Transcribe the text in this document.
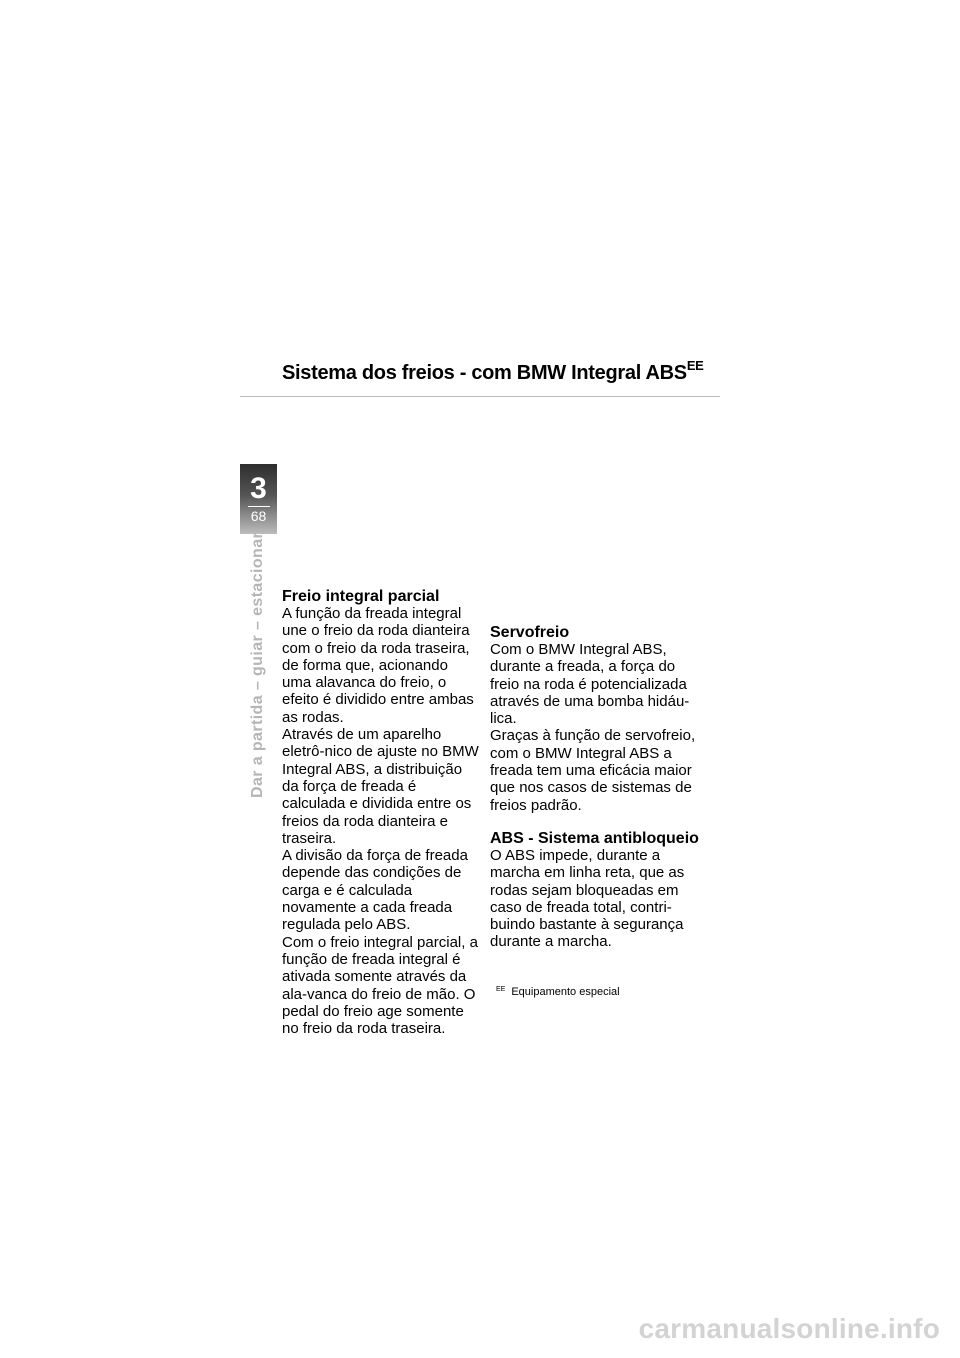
Sistema dos freios - com BMW Integral $ABS^{EE}$
3
68
Dar a partida – guiar – estacionar Freio integral parcial

A função da freada integral une o freio da roda dianteira com o freio da roda traseira, de forma que, acionando uma alavanca do freio, o efeito é dividido entre ambas as rodas.

Através de um aparelho eletrô-nico de ajuste no BMW Integral ABS, a distribuição da força de freada é calculada e dividida entre os freios da roda dianteira e traseira.

A divisão da força de freada depende das condições de carga e é calculada novamente a cada freada regulada pelo ABS.

Com o freio integral parcial, a função de freada integral é ativada somente através da ala-vanca do freio de mão. O pedal do freio age somente no freio da roda traseira.

Servofreio

Com o BMW Integral ABS, durante a freada, a força do freio na roda é potencializada através de uma bomba hidáu-lica.

Graças à função de servofreio, com o BMW Integral ABS a freada tem uma eficácia maior que nos casos de sistemas de freios padrão.

ABS - Sistema antibloqueio

O ABS impede, durante a marcha em linha reta, que as rodas sejam bloqueadas em caso de freada total, contri-buindo bastante à segurança durante a marcha.

$^{EE}$ Equipamento especial
carmanualsonline.info
